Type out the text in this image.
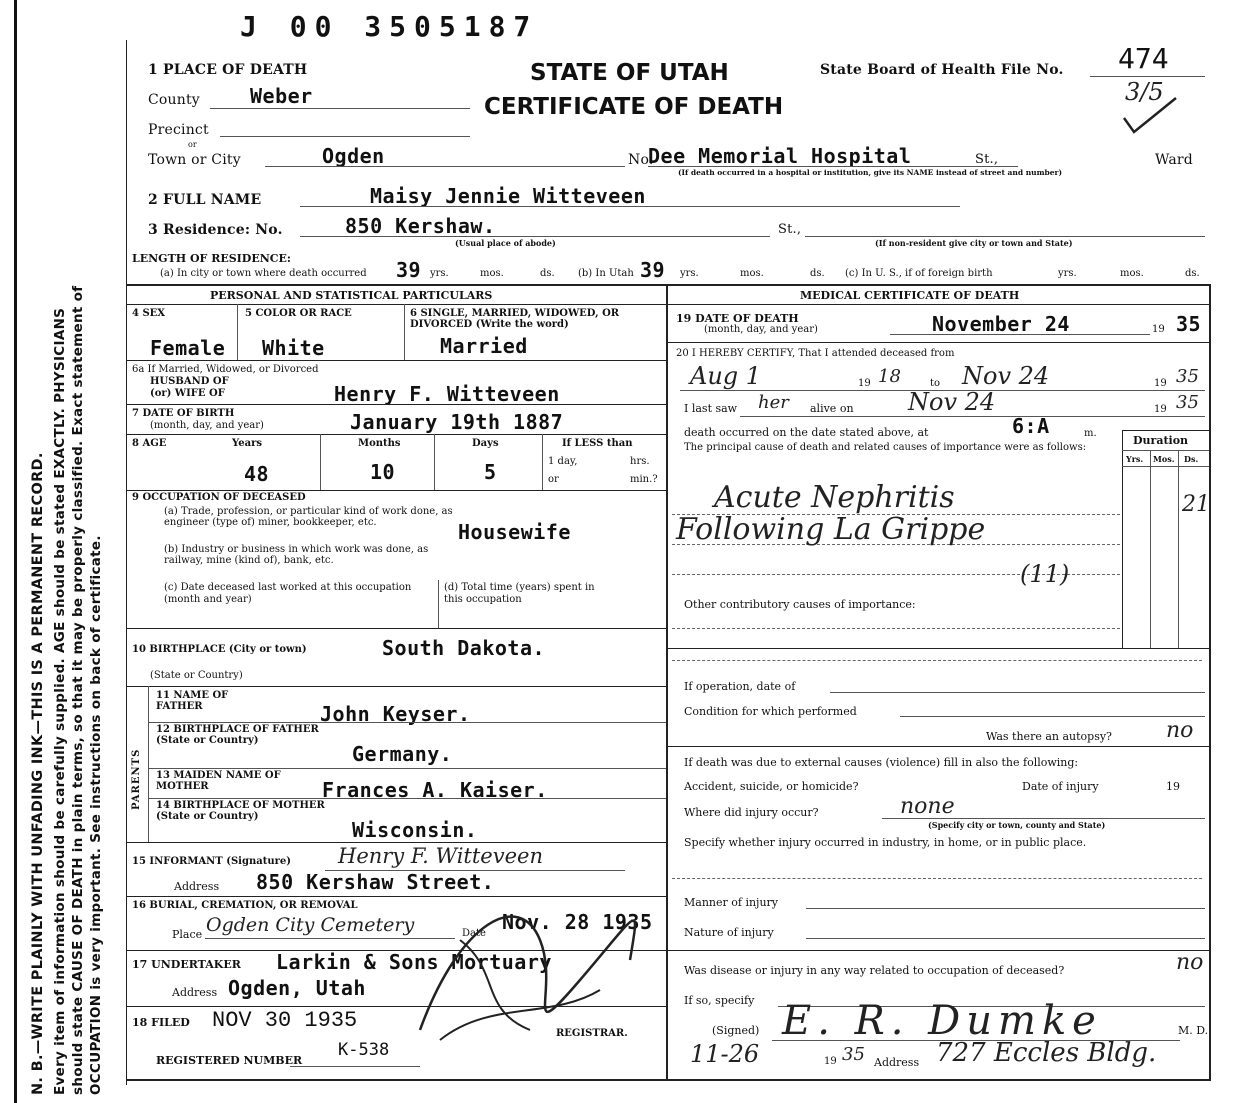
J 00 3505187
N. B.—WRITE PLAINLY WITH UNFADING INK—THIS IS A PERMANENT RECORD. Every item of information should be carefully supplied. AGE should be stated EXACTLY. PHYSICIANS should state CAUSE OF DEATH in plain terms, so that it may be properly classified. Exact statement of OCCUPATION is very important. See instructions on back of certificate.
1 PLACE OF DEATH
County	Weber
Precinct
or
Town or City	Ogden
STATE OF UTAH
CERTIFICATE OF DEATH
State Board of Health File No. 474
3/5
No.
Dee Memorial Hospital	St.,	Ward
(If death occurred in a hospital or institution, give its NAME instead of street and number)
2 FULL NAME	Maisy Jennie Witteveen
3 Residence: No.	850 Kershaw.	St.,
(Usual place of abode)	(If non-resident give city or town and State)
LENGTH OF RESIDENCE:
(a) In city or town where death occurred 39 yrs.	mos.	ds. (b) In Utah 39 yrs.	mos.	ds. (c) In U. S., if of foreign birth	yrs.	mos.	ds.
PERSONAL AND STATISTICAL PARTICULARS
4 SEX
Female
5 COLOR OR RACE
White
6 SINGLE, MARRIED, WIDOWED, OR DIVORCED (Write the word)
Married
6a If Married, Widowed, or Divorced
HUSBAND OF
(or) WIFE OF	Henry F. Witteveen
7 DATE OF BIRTH
(month, day, and year)	January 19th 1887
8 AGE	Years
48
Months
10
Days
5
If LESS than
1 day,	hrs.
or	min.?
9 OCCUPATION OF DECEASED
(a) Trade, profession, or particular kind of work done, as engineer (type of) miner, bookkeeper, etc.	Housewife
(b) Industry or business in which work was done, as railway, mine (kind of), bank, etc.
(c) Date deceased last worked at this occupation (month and year)
(d) Total time (years) spent in this occupation
10 BIRTHPLACE (City or town)	South Dakota.
(State or Country)
PARENTS
11 NAME OF FATHER	John Keyser.
12 BIRTHPLACE OF FATHER (State or Country)
Germany.
13 MAIDEN NAME OF MOTHER	Frances A. Kaiser.
14 BIRTHPLACE OF MOTHER (State or Country)
Wisconsin.
15 INFORMANT (Signature) Henry F. Witteveen
Address 850 Kershaw Street.
16 BURIAL, CREMATION, OR REMOVAL
Place Ogden City Cemetery	Date Nov. 28 1935
17 UNDERTAKER Larkin & Sons Mortuary
Address Ogden, Utah
18 FILED NOV 30 1935
REGISTRAR.
REGISTERED NUMBER
K-538
MEDICAL CERTIFICATE OF DEATH
19 DATE OF DEATH
(month, day, and year)	November 24	19 35
20 I HEREBY CERTIFY, That I attended deceased from
Aug 1	19 18	to Nov 24	19 35
I last saw her alive on Nov 24	19 35
death occurred on the date stated above, at	6:A	m.
The principal cause of death and related causes of importance were as follows:
Duration
Yrs. Mos. Ds.
Acute Nephritis
Following La Grippe
21
(11)
Other contributory causes of importance:
If operation, date of
Condition for which performed
Was there an autopsy? no
If death was due to external causes (violence) fill in also the following:
Accident, suicide, or homicide?	Date of injury	19
Where did injury occur?	none
(Specify city or town, county and State)
Specify whether injury occurred in industry, in home, or in public place.
Manner of injury
Nature of injury
Was disease or injury in any way related to occupation of deceased?	no
If so, specify
(Signed) E. R. Dumke	M. D.
11-26	19 35 Address 727 Eccles Bldg.
